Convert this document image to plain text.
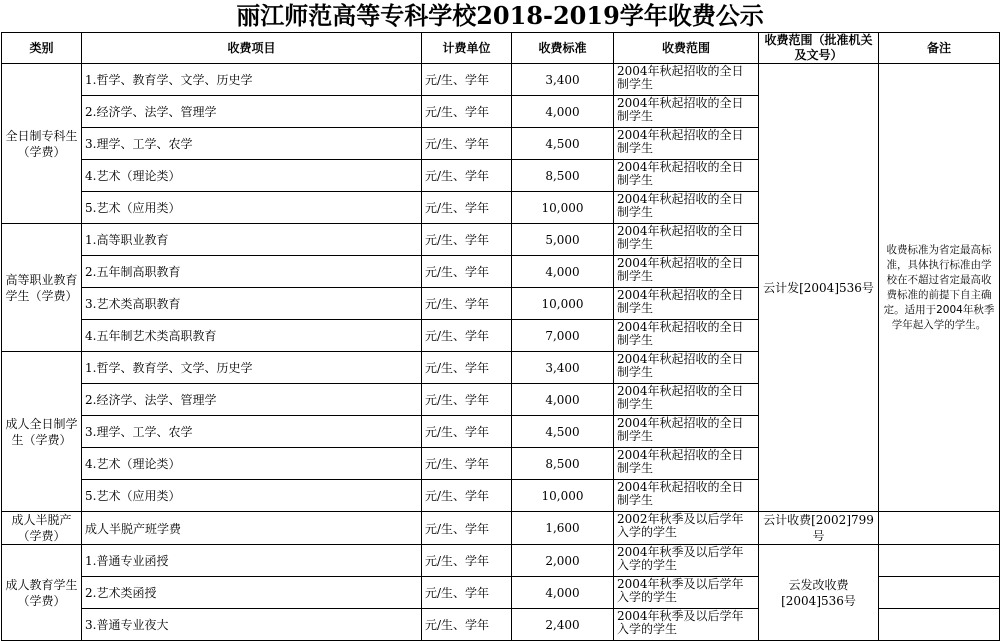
丽江师范高等专科学校2018-2019学年收费公示
类别	收费项目	计费单位	收费标准	收费范围	收费范围（批准机关及文号）	备注
全日制专科生（学费）	1.哲学、教育学、文学、历史学	元/生、学年	3,400	2004年秋起招收的全日制学生	云计发[2004]536号	收费标准为省定最高标准，具体执行标准由学 校在不超过省定最高收费标准的前提下自主确 定。适用于2004年秋季学年起入学的学生。
	2.经济学、法学、管理学	元/生、学年	4,000	2004年秋起招收的全日制学生		
	3.理学、工学、农学	元/生、学年	4,500	2004年秋起招收的全日制学生		
	4.艺术（理论类）	元/生、学年	8,500	2004年秋起招收的全日制学生		
	5.艺术（应用类）	元/生、学年	10,000	2004年秋起招收的全日制学生		
高等职业教育学生（学费）	1.高等职业教育	元/生、学年	5,000	2004年秋起招收的全日制学生		
	2.五年制高职教育	元/生、学年	4,000	2004年秋起招收的全日制学生		
	3.艺术类高职教育	元/生、学年	10,000	2004年秋起招收的全日制学生		
	4.五年制艺术类高职教育	元/生、学年	7,000	2004年秋起招收的全日制学生		
成人全日制学生（学费）	1.哲学、教育学、文学、历史学	元/生、学年	3,400	2004年秋起招收的全日制学生		
	2.经济学、法学、管理学	元/生、学年	4,000	2004年秋起招收的全日制学生		
	3.理学、工学、农学	元/生、学年	4,500	2004年秋起招收的全日制学生		
	4.艺术（理论类）	元/生、学年	8,500	2004年秋起招收的全日制学生		
	5.艺术（应用类）	元/生、学年	10,000	2004年秋起招收的全日制学生		
成人半脱产（学费）	成人半脱产班学费	元/生、学年	1,600	2002年秋季及以后学年入学的学生	云计收费[2002]799号	
成人教育学生（学费）	1.普通专业函授	元/生、学年	2,000	2004年秋季及以后学年入学的学生	云发改收费[2004]536号	
	2.艺术类函授	元/生、学年	4,000	2004年秋季及以后学年入学的学生		
	3.普通专业夜大	元/生、学年	2,400	2004年秋季及以后学年入学的学生		
